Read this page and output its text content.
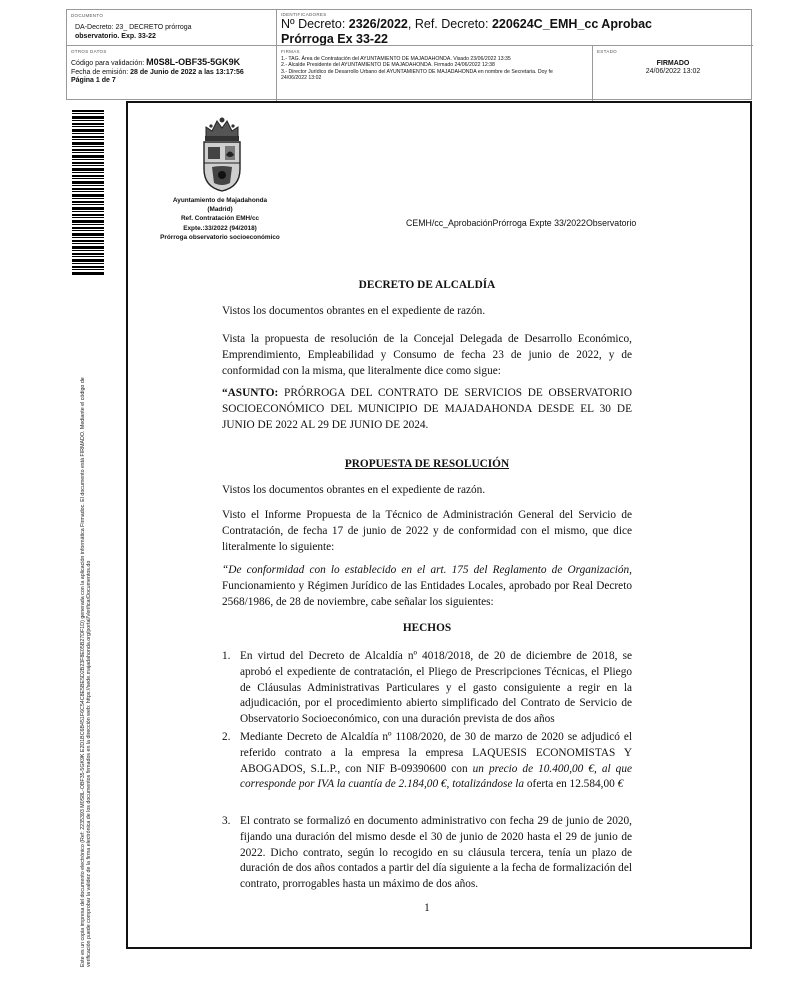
DOCUMENTO
DA-Decreto: 23_ DECRETO prórroga
observatorio. Exp. 33-22
IDENTIFICADORES
Nº Decreto: 2326/2022, Ref. Decreto: 220624C_EMH_cc Aprobac
Prórroga Ex 33-22
OTROS DATOS
Código para validación: M0S8L-OBF35-5GK9K
Fecha de emisión: 28 de Junio de 2022 a las 13:17:56
Página 1 de 7
FIRMAS
1.- TAG. Área de Contratación del AYUNTAMIENTO DE MAJADAHONDA. Visado 23/06/2022 13:35
2.- Alcalde Presidente del AYUNTAMIENTO DE MAJADAHONDA. Firmado 24/06/2022 12:38
3.- Director Jurídico de Desarrollo Urbano del AYUNTAMIENTO DE MAJADAHONDA en nombre de Secretaria. Doy fe
24/06/2022 13:02
ESTADO
FIRMADO
24/06/2022 13:02
Este es un copia impresa del documento electrónico (Ref: 2235393 M0S8L-OBF35-5GK9K E2D1BC6B451F6C54C8E5BE5D2B23F8E05B27DF1D) generada con la aplicación informática Firmadoc. El documento está FIRMADO. Mediante el código de verificación puede comprobar la validez de la firma electrónica de los documentos firmados en la dirección web: https://sede.majadahonda.org/portal/VerificarDocumentos.do
Ayuntamiento de Majadahonda
(Madrid)
Ref. Contratación EMH/cc
Expte.:33/2022 (94/2018)
Prórroga observatorio socioeconómico
CEMH/cc_AprobaciónPrórroga Expte 33/2022Observatorio
DECRETO DE ALCALDÍA
Vistos los documentos obrantes en el expediente de razón.
Vista la propuesta de resolución de la Concejal Delegada de Desarrollo Económico, Emprendimiento, Empleabilidad y Consumo de fecha 23 de junio de 2022, y de conformidad con la misma, que literalmente dice como sigue:
“ASUNTO: PRÓRROGA DEL CONTRATO DE SERVICIOS DE OBSERVATORIO SOCIOECONÓMICO DEL MUNICIPIO DE MAJADAHONDA DESDE EL 30 DE JUNIO DE 2022 AL 29 DE JUNIO DE 2024.
PROPUESTA DE RESOLUCIÓN
Vistos los documentos obrantes en el expediente de razón.
Visto el Informe Propuesta de la Técnico de Administración General del Servicio de Contratación, de fecha 17 de junio de 2022 y de conformidad con el mismo, que dice literalmente lo siguiente:
“De conformidad con lo establecido en el art. 175 del Reglamento de Organización, Funcionamiento y Régimen Jurídico de las Entidades Locales, aprobado por Real Decreto 2568/1986, de 28 de noviembre, cabe señalar los siguientes:
HECHOS
1. En virtud del Decreto de Alcaldía nº 4018/2018, de 20 de diciembre de 2018, se aprobó el expediente de contratación, el Pliego de Prescripciones Técnicas, el Pliego de Cláusulas Administrativas Particulares y el gasto consiguiente a regir en la adjudicación, por el procedimiento abierto simplificado del Contrato de Servicio de Observatorio Socioeconómico, con una duración prevista de dos años
2. Mediante Decreto de Alcaldía nº 1108/2020, de 30 de marzo de 2020 se adjudicó el referido contrato a la empresa la empresa LAQUESIS ECONOMISTAS Y ABOGADOS, S.L.P., con NIF B-09390600 con un precio de 10.400,00 €, al que corresponde por IVA la cuantía de 2.184,00 €, totalizándose la oferta en 12.584,00 €
3. El contrato se formalizó en documento administrativo con fecha 29 de junio de 2020, fijando una duración del mismo desde el 30 de junio de 2020 hasta el 29 de junio de 2022. Dicho contrato, según lo recogido en su cláusula tercera, tenía un plazo de duración de dos años contados a partir del día siguiente a la fecha de formalización del contrato, prorrogables hasta un máximo de dos años.
1
